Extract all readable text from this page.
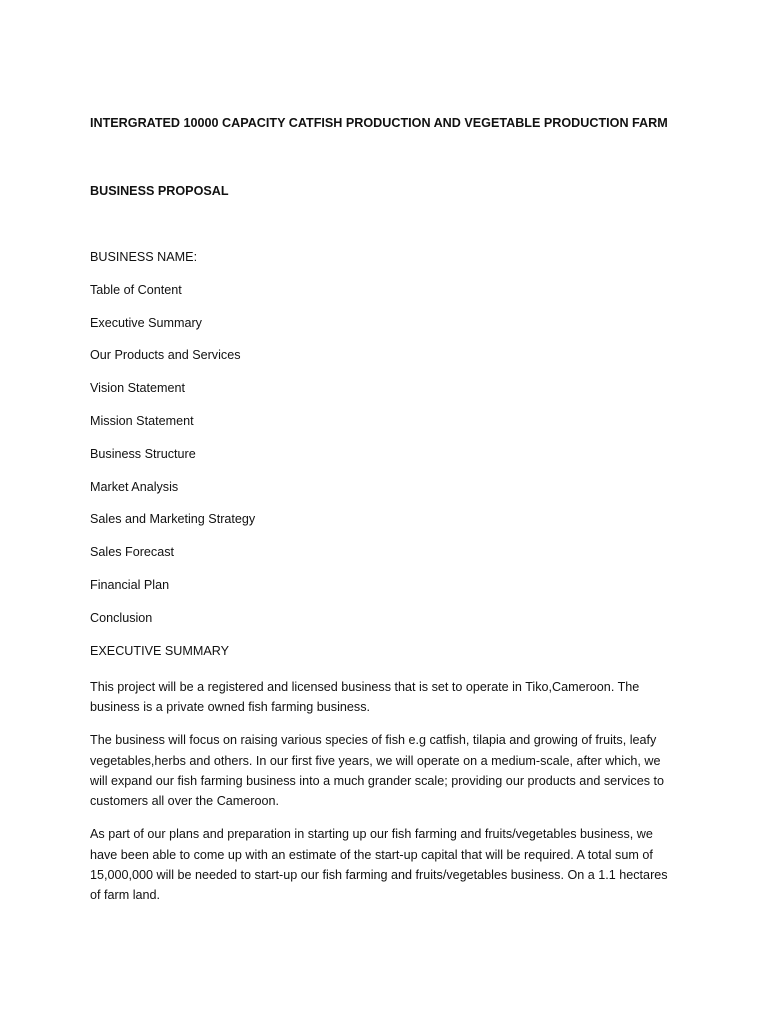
INTERGRATED 10000 CAPACITY CATFISH PRODUCTION AND VEGETABLE PRODUCTION FARM
BUSINESS PROPOSAL
BUSINESS NAME:
Table of Content
Executive Summary
Our Products and Services
Vision Statement
Mission Statement
Business Structure
Market Analysis
Sales and Marketing Strategy
Sales Forecast
Financial Plan
Conclusion
EXECUTIVE SUMMARY

This project will be a registered and licensed business that is set to operate in Tiko,Cameroon. The business is a private owned fish farming business.

The business will focus on raising various species of fish e.g catfish, tilapia and growing of fruits, leafy vegetables,herbs and others. In our first five years, we will operate on a medium-scale, after which, we will expand our fish farming business into a much grander scale; providing our products and services to customers all over the Cameroon.

As part of our plans and preparation in starting up our fish farming and fruits/vegetables business, we have been able to come up with an estimate of the start-up capital that will be required. A total sum of 15,000,000 will be needed to start-up our fish farming and fruits/vegetables business. On a 1.1 hectares of farm land.
